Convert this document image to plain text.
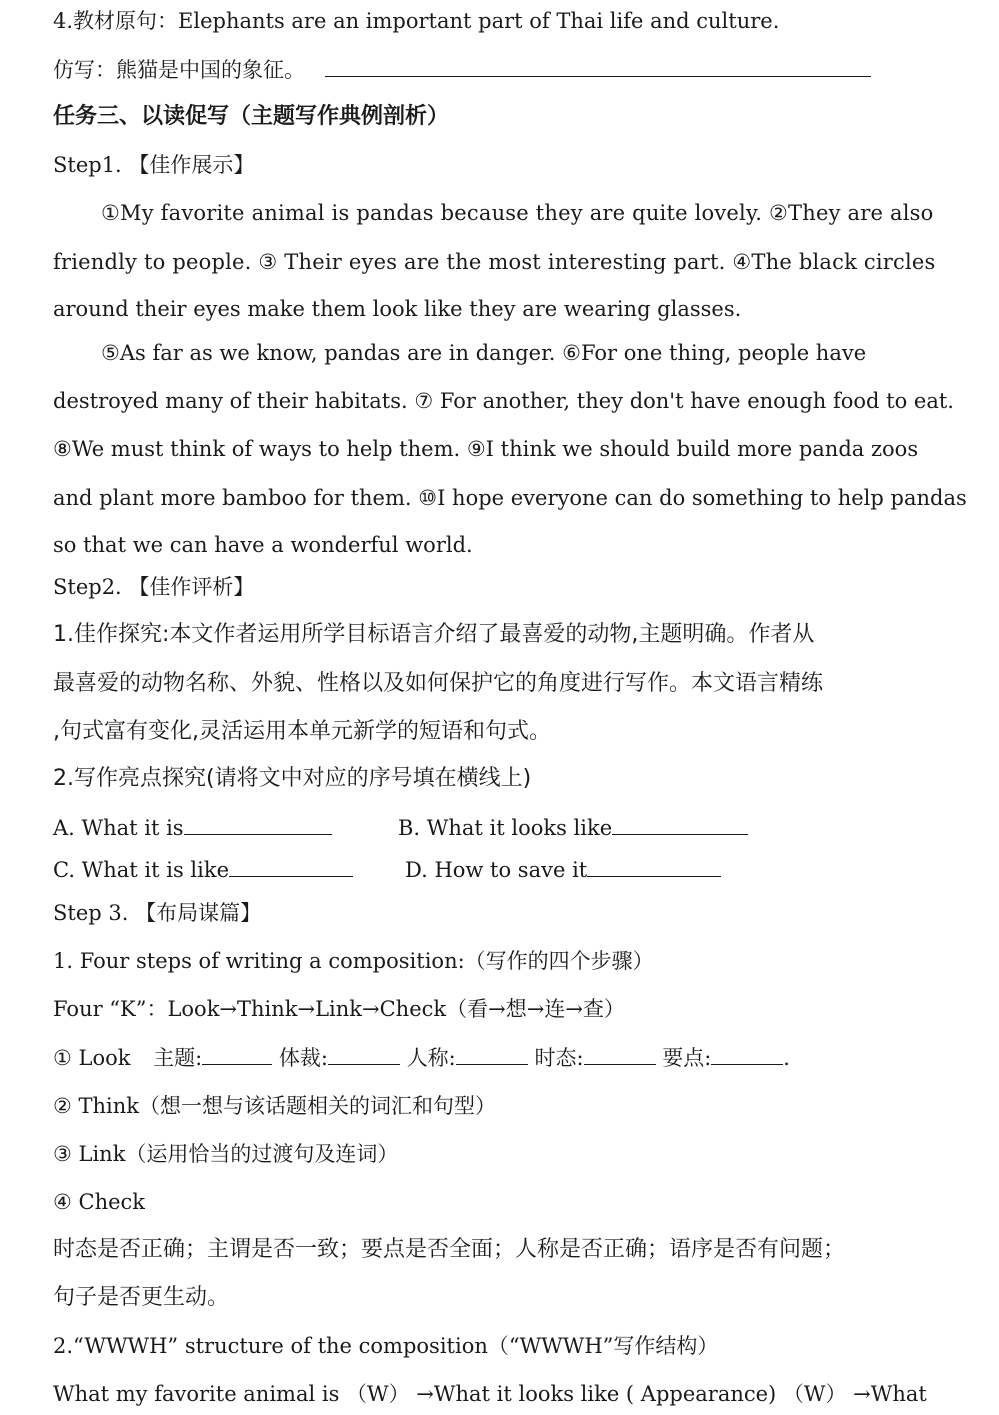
4.教材原句：Elephants are an important part of Thai life and culture.
仿写：熊猫是中国的象征。
任务三、以读促写（主题写作典例剖析）
Step1. 【佳作展示】
①My favorite animal is pandas because they are quite lovely. ②They are also
friendly to people. ③ Their eyes are the most interesting part. ④The black circles
around their eyes make them look like they are wearing glasses.
⑤As far as we know, pandas are in danger. ⑥For one thing, people have
destroyed many of their habitats. ⑦ For another, they don't have enough food to eat.
⑧We must think of ways to help them. ⑨I think we should build more panda zoos
and plant more bamboo for them. ⑩I hope everyone can do something to help pandas
so that we can have a wonderful world.
Step2. 【佳作评析】
1.佳作探究:本文作者运用所学目标语言介绍了最喜爱的动物,主题明确。作者从
最喜爱的动物名称、外貌、性格以及如何保护它的角度进行写作。本文语言精练
,句式富有变化,灵活运用本单元新学的短语和句式。
2.写作亮点探究(请将文中对应的序号填在横线上)
A. What it is	B. What it looks like
C. What it is like	D. How to save it
Step 3. 【布局谋篇】
1. Four steps of writing a composition:（写作的四个步骤）
Four “K”：Look→Think→Link→Check（看→想→连→查）
① Look 主题:	体裁:	人称:	时态:	要点:	.
② Think（想一想与该话题相关的词汇和句型）
③ Link（运用恰当的过渡句及连词）
④ Check
时态是否正确；主谓是否一致；要点是否全面；人称是否正确；语序是否有问题；
句子是否更生动。
2.“WWWH” structure of the composition（“WWWH”写作结构）
What my favorite animal is （W） →What it looks like ( Appearance) （W） →What
